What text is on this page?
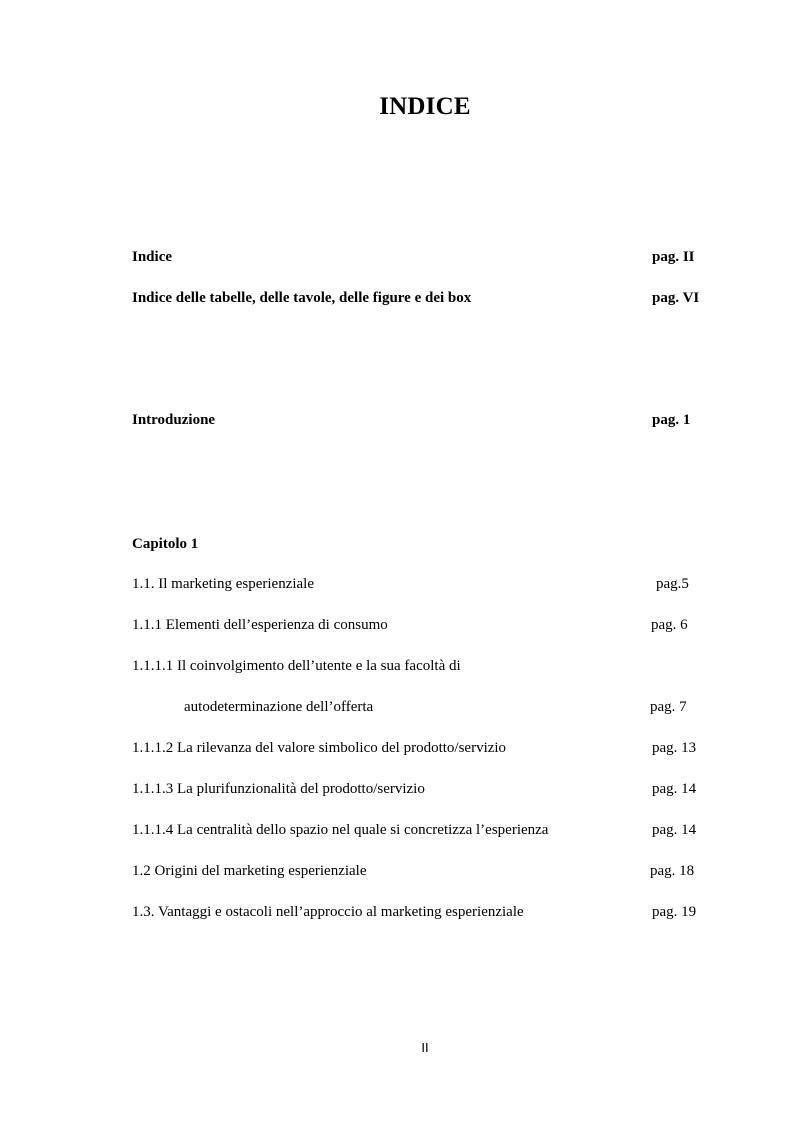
INDICE
Indice	pag. II
Indice delle tabelle, delle tavole, delle figure e dei box	pag. VI
Introduzione	pag. 1
Capitolo 1
1.1. Il marketing esperienziale	pag.5
1.1.1 Elementi dell’esperienza di consumo	pag. 6
1.1.1.1 Il coinvolgimento dell’utente e la sua facoltà di
autodeterminazione dell’offerta	pag. 7
1.1.1.2 La rilevanza del valore simbolico del prodotto/servizio	pag. 13
1.1.1.3 La plurifunzionalità del prodotto/servizio	pag. 14
1.1.1.4 La centralità dello spazio nel quale si concretizza l’esperienza	pag. 14
1.2 Origini del marketing esperienziale	pag. 18
1.3. Vantaggi e ostacoli nell’approccio al marketing esperienziale	pag. 19
II
